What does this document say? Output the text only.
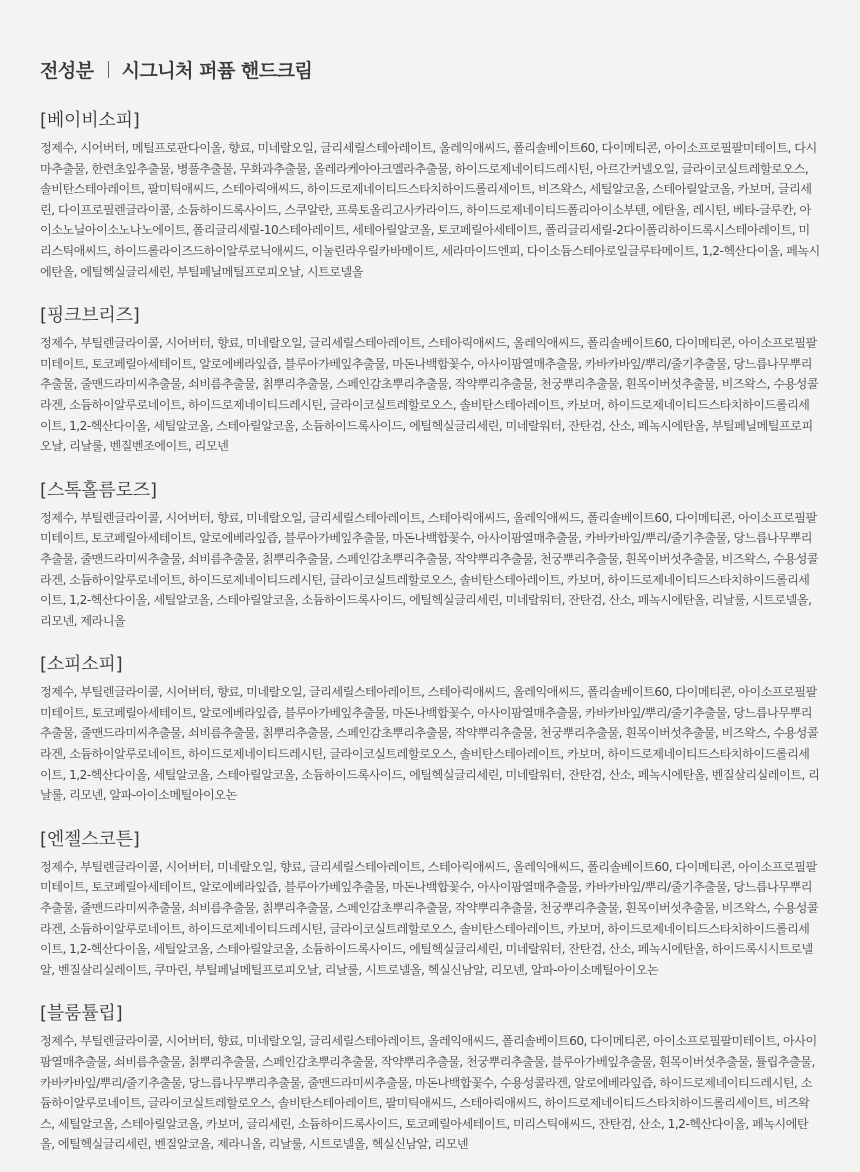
전성분 시그니처 퍼퓸 핸드크림
[베이비소피]

정제수, 시어버터, 메틸프로판다이올, 향료, 미네랄오일, 글리세릴스테아레이트, 올레익애씨드, 폴리솔베이트60, 다이메티콘, 아이소프로필팔미테이트, 다시마추출물, 한련초잎추출물, 병풀추출물, 무화과추출물, 올레라케아아크멜라추출물, 하이드로제네이티드레시틴, 아르간커넬오일, 글라이코실트레할로오스, 솔비탄스테아레이트, 팔미틱애씨드, 스테아릭애씨드, 하이드로제네이티드스타치하이드롤리세이트, 비즈왁스, 세틸알코올, 스테아릴알코올, 카보머, 글리세린, 다이프로필렌글라이콜, 소듐하이드록사이드, 스쿠알란, 프룩토올리고사카라이드, 하이드로제네이티드폴리아이소부텐, 에탄올, 레시틴, 베타-글루칸, 아이소노닐아이소노나노에이트, 폴리글리세릴-10스테아레이트, 세테아릴알코올, 토코페릴아세테이트, 폴리글리세릴-2다이폴리하이드록시스테아레이트, 미리스틱애씨드, 하이드롤라이즈드하이알루로닉애씨드, 이눌린라우릴카바메이트, 세라마이드엔피, 다이소듐스테아로일글루타메이트, 1,2-헥산다이올, 페녹시에탄올, 에틸헥실글리세린, 부틸페닐메틸프로피오날, 시트로넬올

[핑크브리즈]

정제수, 부틸렌글라이콜, 시어버터, 향료, 미네랄오일, 글리세릴스테아레이트, 스테아릭애씨드, 올레익애씨드, 폴리솔베이트60, 다이메티콘, 아이소프로필팔미테이트, 토코페릴아세테이트, 알로에베라잎즙, 블루아가베잎추출물, 마돈나백합꽃수, 아사이팜열매추출물, 카바카바잎/뿌리/줄기추출물, 당느릅나무뿌리추출물, 줄맨드라미씨추출물, 쇠비름추출물, 칡뿌리추출물, 스페인감초뿌리추출물, 작약뿌리추출물, 천궁뿌리추출물, 흰목이버섯추출물, 비즈왁스, 수용성콜라겐, 소듐하이알루로네이트, 하이드로제네이티드레시틴, 글라이코실트레할로오스, 솔비탄스테아레이트, 카보머, 하이드로제네이티드스타치하이드롤리세이트, 1,2-헥산다이올, 세틸알코올, 스테아릴알코올, 소듐하이드록사이드, 에틸헥실글리세린, 미네랄워터, 잔탄검, 산소, 페녹시에탄올, 부틸페닐메틸프로피오날, 리날룰, 벤질벤조에이트, 리모넨

[스톡홀름로즈]

정제수, 부틸렌글라이콜, 시어버터, 향료, 미네랄오일, 글리세릴스테아레이트, 스테아릭애씨드, 올레익애씨드, 폴리솔베이트60, 다이메티콘, 아이소프로필팔미테이트, 토코페릴아세테이트, 알로에베라잎즙, 블루아가베잎추출물, 마돈나백합꽃수, 아사이팜열매추출물, 카바카바잎/뿌리/줄기추출물, 당느릅나무뿌리추출물, 줄맨드라미씨추출물, 쇠비름추출물, 칡뿌리추출물, 스페인감초뿌리추출물, 작약뿌리추출물, 천궁뿌리추출물, 흰목이버섯추출물, 비즈왁스, 수용성콜라겐, 소듐하이알루로네이트, 하이드로제네이티드레시틴, 글라이코실트레할로오스, 솔비탄스테아레이트, 카보머, 하이드로제네이티드스타치하이드롤리세이트, 1,2-헥산다이올, 세틸알코올, 스테아릴알코올, 소듐하이드록사이드, 에틸헥실글리세린, 미네랄워터, 잔탄검, 산소, 페녹시에탄올, 리날룰, 시트로넬올, 리모넨, 제라니올

[소피소피]

정제수, 부틸렌글라이콜, 시어버터, 향료, 미네랄오일, 글리세릴스테아레이트, 스테아릭애씨드, 올레익애씨드, 폴리솔베이트60, 다이메티콘, 아이소프로필팔미테이트, 토코페릴아세테이트, 알로에베라잎즙, 블루아가베잎추출물, 마돈나백합꽃수, 아사이팜열매추출물, 카바카바잎/뿌리/줄기추출물, 당느릅나무뿌리추출물, 줄맨드라미씨추출물, 쇠비름추출물, 칡뿌리추출물, 스페인감초뿌리추출물, 작약뿌리추출물, 천궁뿌리추출물, 흰목이버섯추출물, 비즈왁스, 수용성콜라겐, 소듐하이알루로네이트, 하이드로제네이티드레시틴, 글라이코실트레할로오스, 솔비탄스테아레이트, 카보머, 하이드로제네이티드스타치하이드롤리세이트, 1,2-헥산다이올, 세틸알코올, 스테아릴알코올, 소듐하이드록사이드, 에틸헥실글리세린, 미네랄워터, 잔탄검, 산소, 페녹시에탄올, 벤질살리실레이트, 리날룰, 리모넨, 알파-아이소메틸아이오논

[엔젤스코튼]

정제수, 부틸렌글라이콜, 시어버터, 미네랄오일, 향료, 글리세릴스테아레이트, 스테아릭애씨드, 올레익애씨드, 폴리솔베이트60, 다이메티콘, 아이소프로필팔미테이트, 토코페릴아세테이트, 알로에베라잎즙, 블루아가베잎추출물, 마돈나백합꽃수, 아사이팜열매추출물, 카바카바잎/뿌리/줄기추출물, 당느릅나무뿌리추출물, 줄맨드라미씨추출물, 쇠비름추출물, 칡뿌리추출물, 스페인감초뿌리추출물, 작약뿌리추출물, 천궁뿌리추출물, 흰목이버섯추출물, 비즈왁스, 수용성콜라겐, 소듐하이알루로네이트, 하이드로제네이티드레시틴, 글라이코실트레할로오스, 솔비탄스테아레이트, 카보머, 하이드로제네이티드스타치하이드롤리세이트, 1,2-헥산다이올, 세틸알코올, 스테아릴알코올, 소듐하이드록사이드, 에틸헥실글리세린, 미네랄워터, 잔탄검, 산소, 페녹시에탄올, 하이드록시시트로넬알, 벤질살리실레이트, 쿠마린, 부틸페닐메틸프로피오날, 리날룰, 시트로넬올, 헥실신남알, 리모넨, 알파-아이소메틸아이오논

[블룸튤립]

정제수, 부틸렌글라이콜, 시어버터, 향료, 미네랄오일, 글리세릴스테아레이트, 올레익애씨드, 폴리솔베이트60, 다이메티콘, 아이소프로필팔미테이트, 아사이팜열매추출물, 쇠비름추출물, 칡뿌리추출물, 스페인감초뿌리추출물, 작약뿌리추출물, 천궁뿌리추출물, 블루아가베잎추출물, 흰목이버섯추출물, 튤립추출물, 카바카바잎/뿌리/줄기추출물, 당느릅나무뿌리추출물, 줄맨드라미씨추출물, 마돈나백합꽃수, 수용성콜라겐, 알로에베라잎즙, 하이드로제네이티드레시틴, 소듐하이알루로네이트, 글라이코실트레할로오스, 솔비탄스테아레이트, 팔미틱애씨드, 스테아릭애씨드, 하이드로제네이티드스타치하이드롤리세이트, 비즈왁스, 세틸알코올, 스테아릴알코올, 카보머, 글리세린, 소듐하이드록사이드, 토코페릴아세테이트, 미리스틱애씨드, 잔탄검, 산소, 1,2-헥산다이올, 페녹시에탄올, 에틸헥실글리세린, 벤질알코올, 제라니올, 리날룰, 시트로넬올, 헥실신남알, 리모넨
